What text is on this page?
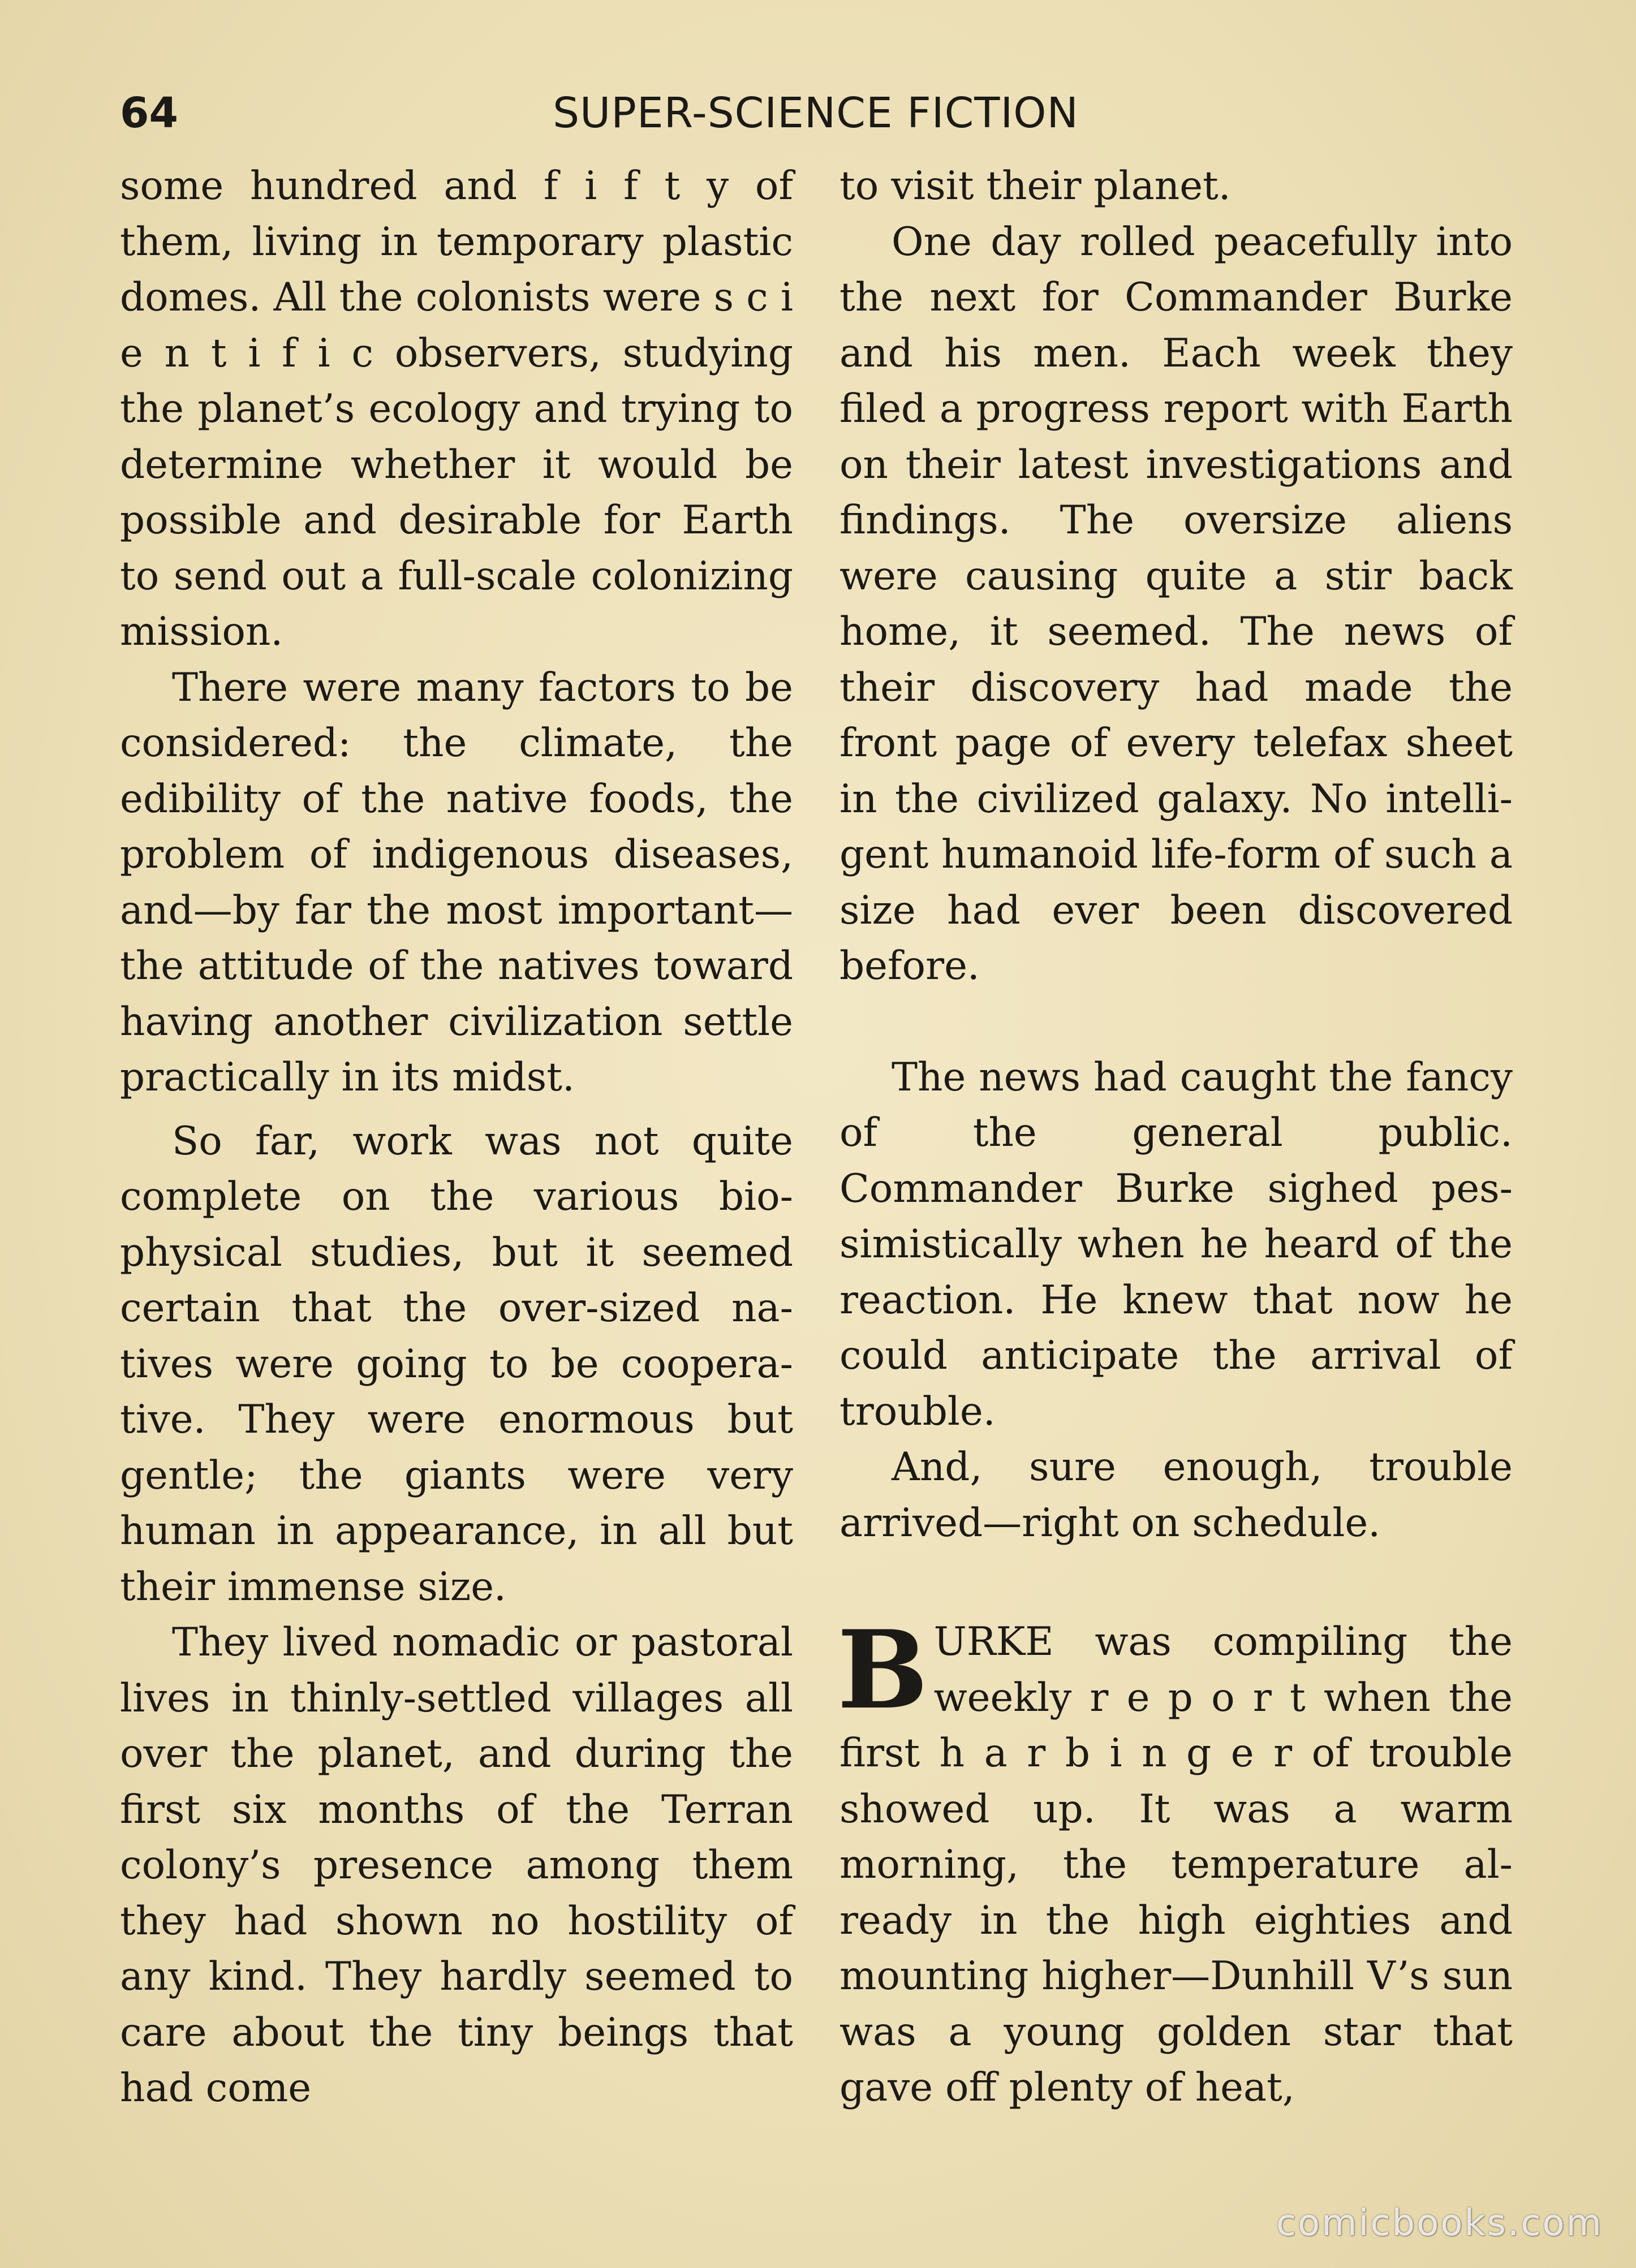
64	SUPER-SCIENCE FICTION

some hundred and f i f t y of them, living in temporary plastic domes. All the colonists were s c i e n t i f i c observers, studying the planet’s ecology and trying to determine whether it would be possible and desirable for Earth to send out a full-scale colonizing mission.

There were many factors to be considered: the climate, the edibility of the native foods, the problem of indigenous diseases, and—by far the most important—the attitude of the natives toward having another civilization settle practically in its midst.

So far, work was not quite complete on the various biophysical studies, but it seemed certain that the over-sized natives were going to be cooperative. They were enormous but gentle; the giants were very human in appearance, in all but their immense size.

They lived nomadic or pastoral lives in thinly-settled villages all over the planet, and during the first six months of the Terran colony’s presence among them they had shown no hostility of any kind. They hardly seemed to care about the tiny beings that had come

to visit their planet.

One day rolled peacefully into the next for Commander Burke and his men. Each week they filed a progress report with Earth on their latest investigations and findings. The oversize aliens were causing quite a stir back home, it seemed. The news of their discovery had made the front page of every telefax sheet in the civilized galaxy. No intelligent humanoid life-form of such a size had ever been discovered before.

The news had caught the fancy of the general public. Commander Burke sighed pessimistically when he heard of the reaction. He knew that now he could anticipate the arrival of trouble.

And, sure enough, trouble arrived—right on schedule.

B URKE was compiling the weekly r e p o r t when the first h a r b i n g e r of trouble showed up. It was a warm morning, the temperature already in the high eighties and mounting higher—Dunhill V’s sun was a young golden star that gave off plenty of heat,

comicbooks.com
